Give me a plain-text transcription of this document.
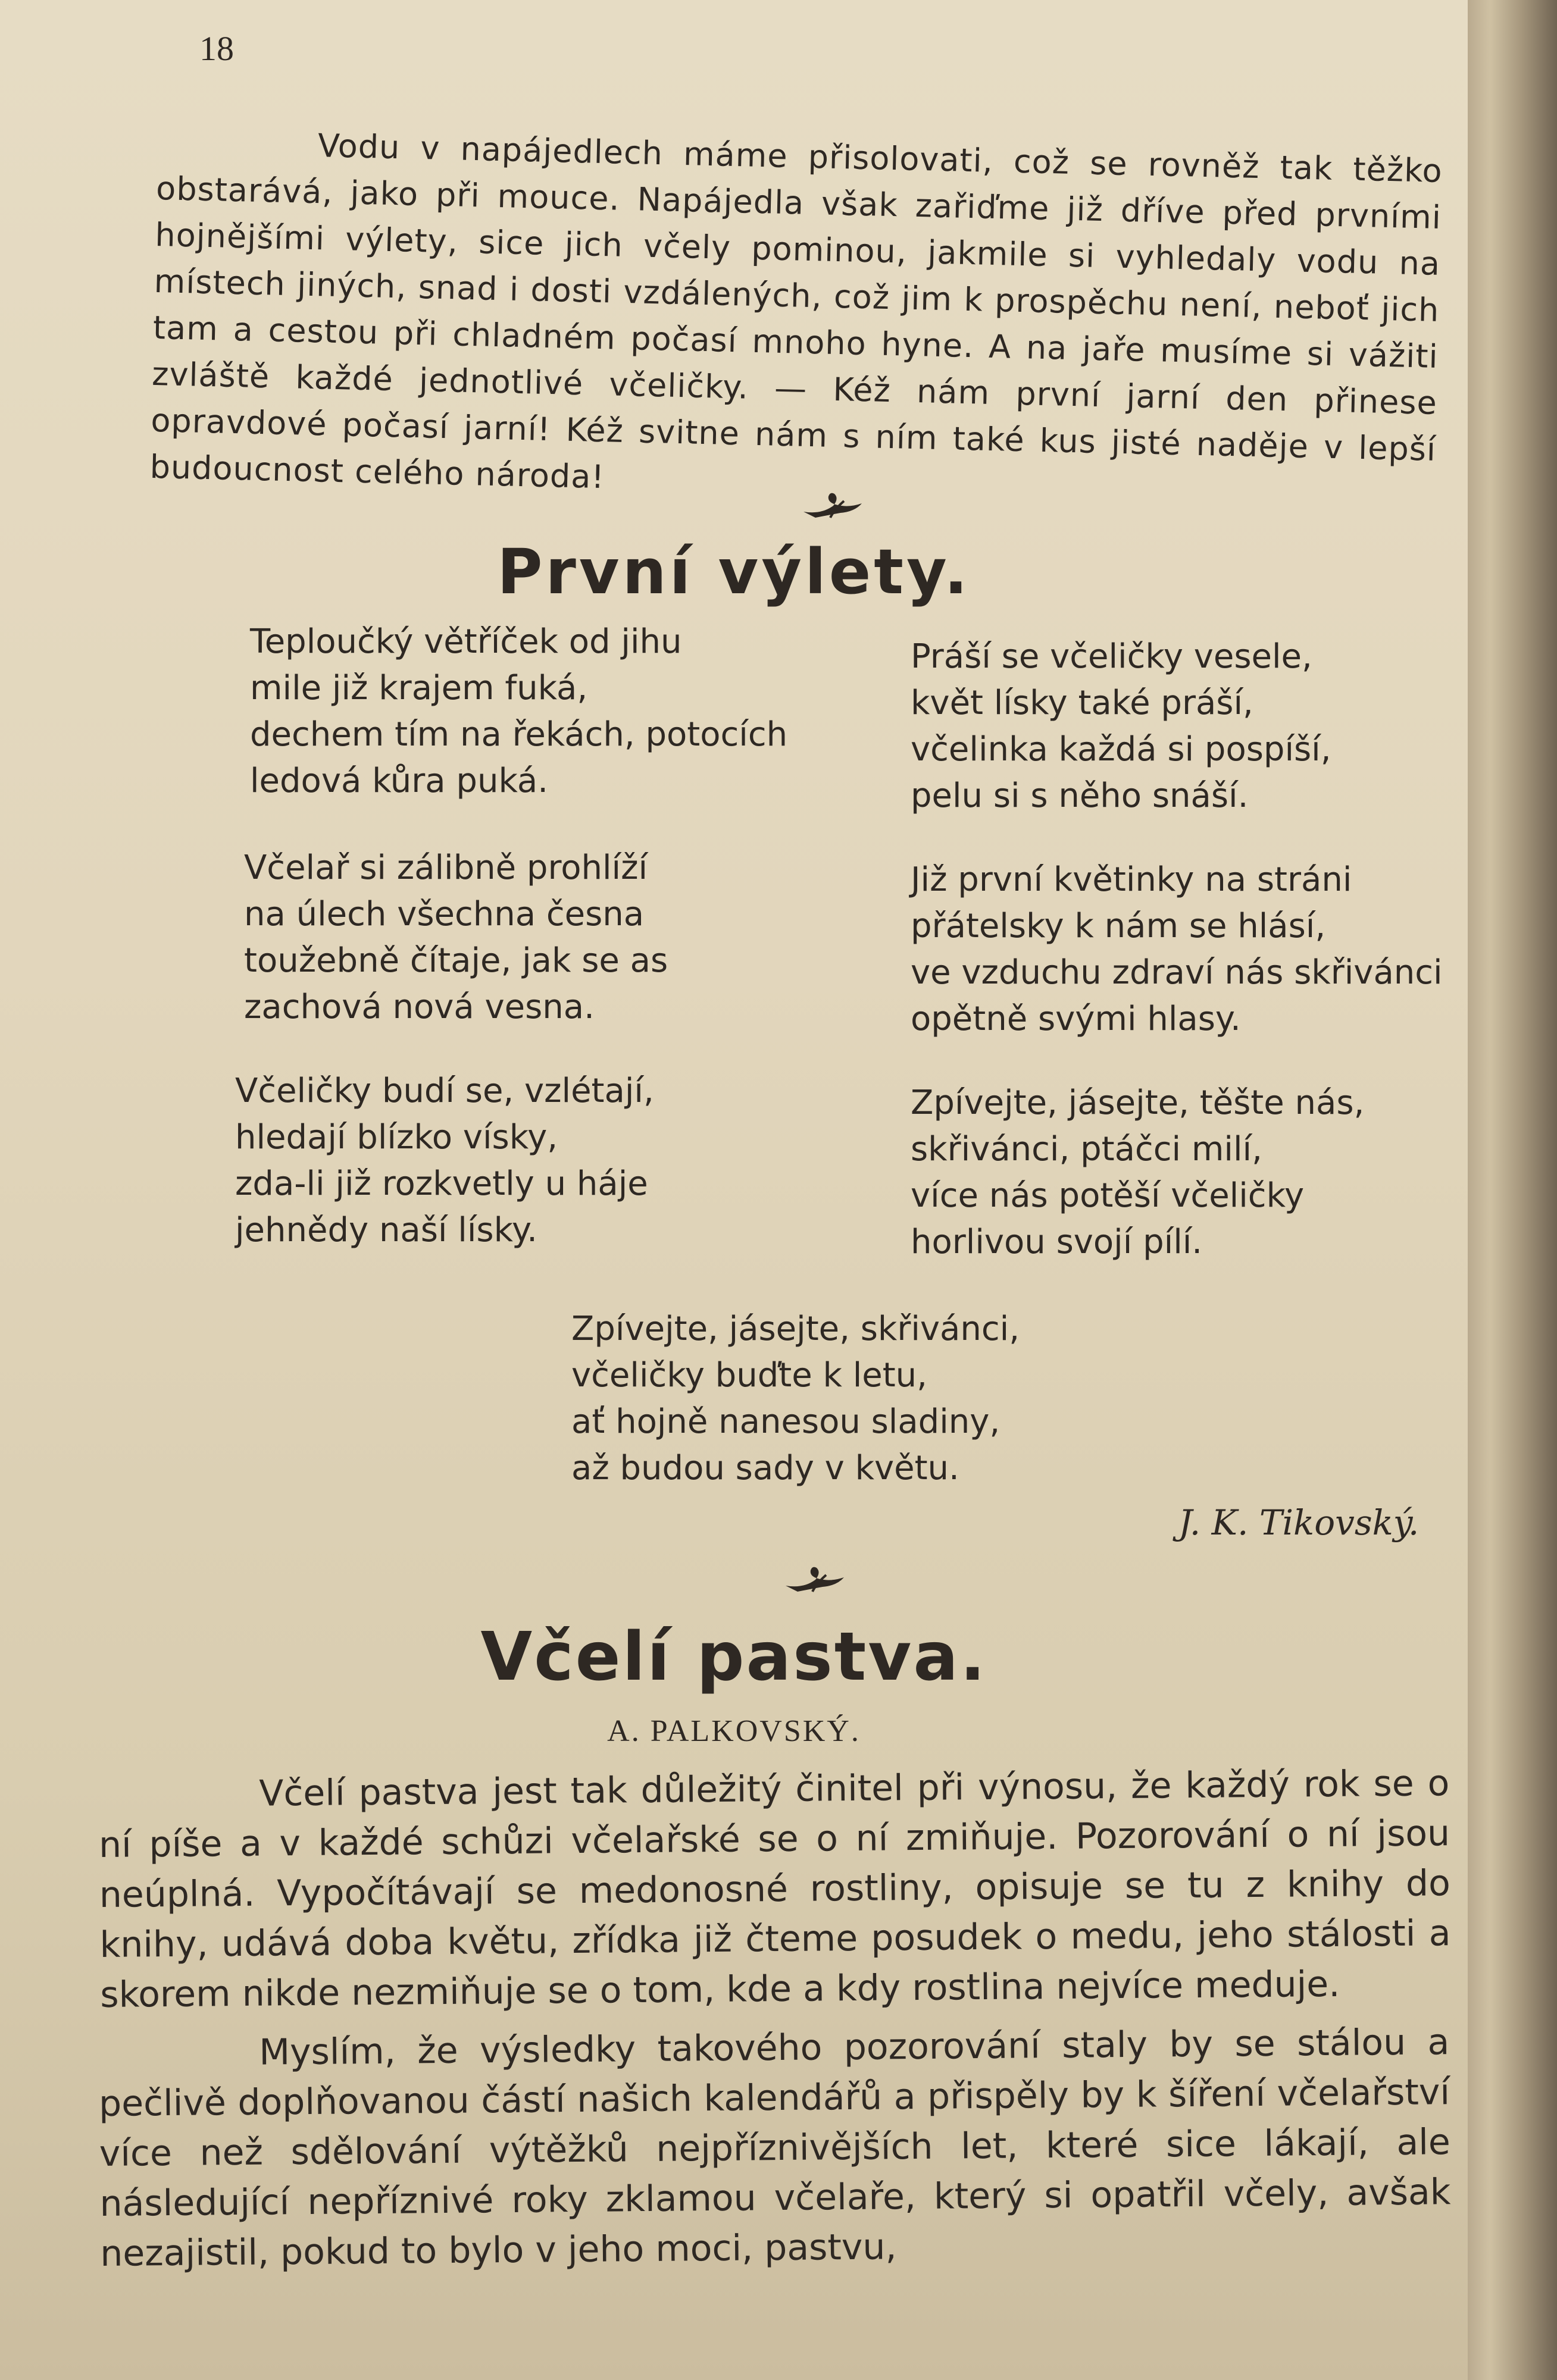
18

Vodu v napájedlech máme přisolovati, což se rovněž tak těžko obstarává, jako při mouce. Napájedla však zařiďme již dříve před prvními hojnějšími výlety, sice jich včely pominou, jakmile si vyhledaly vodu na místech jiných, snad i dosti vzdálených, což jim k prospěchu není, neboť jich tam a cestou při chladném počasí mnoho hyne. A na jaře musíme si vážiti zvláště každé jednotlivé včeličky. — Kéž nám první jarní den přinese opravdové počasí jarní! Kéž svitne nám s ním také kus jisté naděje v lepší budoucnost celého národa!

První výlety.
Teploučký větříček od jihu
mile již krajem fuká,
dechem tím na řekách, potocích
ledová kůra puká.
Včelař si zálibně prohlíží
na úlech všechna česna
toužebně čítaje, jak se as
zachová nová vesna.
Včeličky budí se, vzlétají,
hledají blízko vísky,
zda-li již rozkvetly u háje
jehnědy naší lísky.
Práší se včeličky vesele,
květ lísky také práší,
včelinka každá si pospíší,
pelu si s něho snáší.
Již první květinky na stráni
přátelsky k nám se hlásí,
ve vzduchu zdraví nás skřivánci
opětně svými hlasy.
Zpívejte, jásejte, těšte nás,
skřivánci, ptáčci milí,
více nás potěší včeličky
horlivou svojí pílí.
Zpívejte, jásejte, skřivánci,
včeličky buďte k letu,
ať hojně nanesou sladiny,
až budou sady v květu.

J. K. Tikovský.

Včelí pastva.

A. PALKOVSKÝ.

Včelí pastva jest tak důležitý činitel při výnosu, že každý rok se o ní píše a v každé schůzi včelařské se o ní zmiňuje. Pozorování o ní jsou neúplná. Vypočítávají se medonosné rostliny, opisuje se tu z knihy do knihy, udává doba květu, zřídka již čteme posudek o medu, jeho stálosti a skorem nikde nezmiňuje se o tom, kde a kdy rostlina nejvíce meduje.

Myslím, že výsledky takového pozorování staly by se stálou a pečlivě doplňovanou částí našich kalendářů a přispěly by k šíření včelařství více než sdělování výtěžků nejpříznivějších let, které sice lákají, ale následující nepříznivé roky zklamou včelaře, který si opatřil včely, avšak nezajistil, pokud to bylo v jeho moci, pastvu,
